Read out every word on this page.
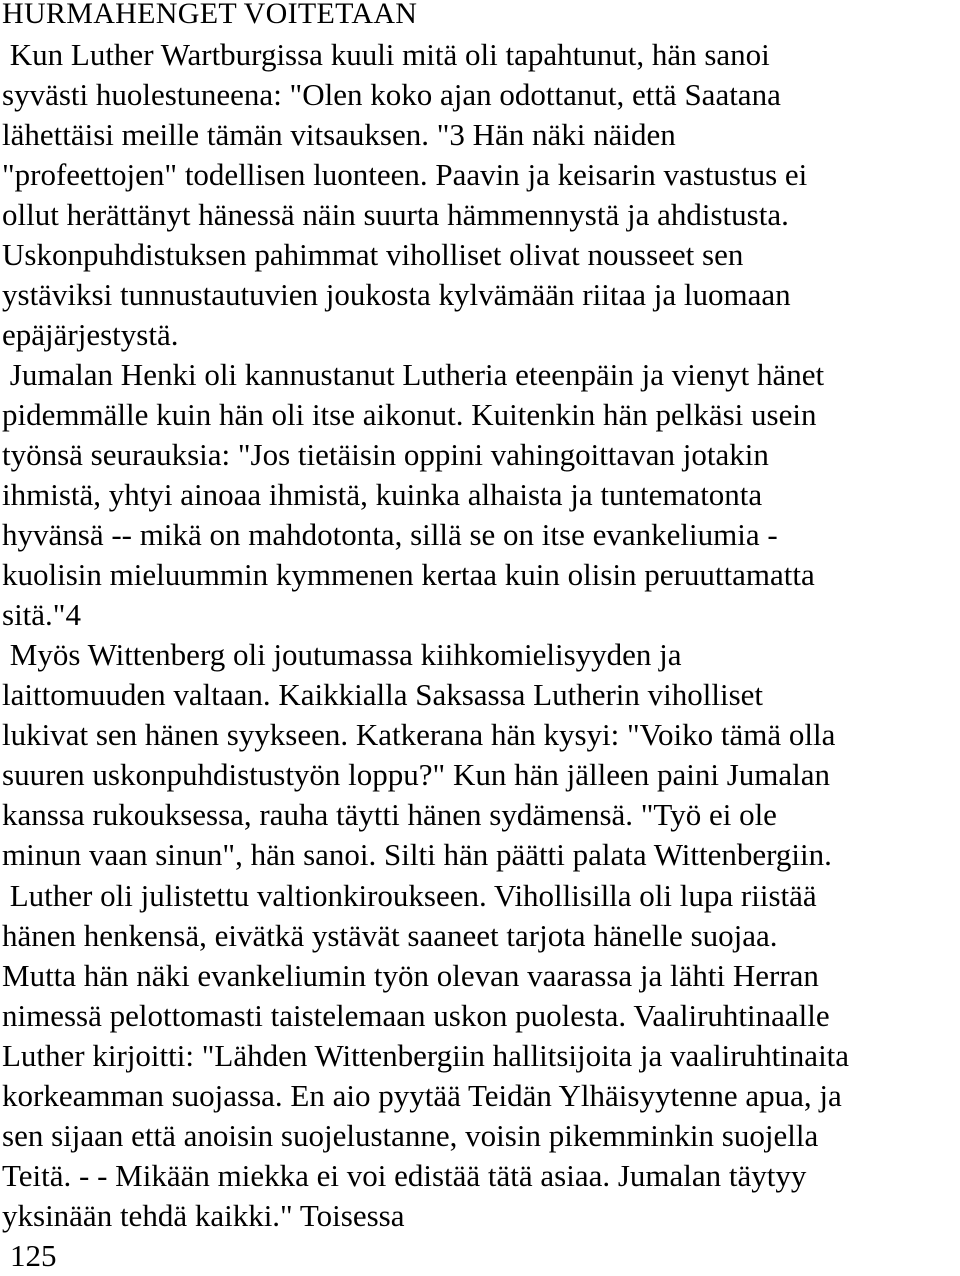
HURMAHENGET VOITETAAN
Kun Luther Wartburgissa kuuli mitä oli tapahtunut, hän sanoi
syvästi huolestuneena: "Olen koko ajan odottanut, että Saatana
lähettäisi meille tämän vitsauksen. "3 Hän näki näiden
"profeettojen" todellisen luonteen. Paavin ja keisarin vastustus ei
ollut herättänyt hänessä näin suurta hämmennystä ja ahdistusta.
Uskonpuhdistuksen pahimmat viholliset olivat nousseet sen
ystäviksi tunnustautuvien joukosta kylvämään riitaa ja luomaan
epäjärjestystä.
Jumalan Henki oli kannustanut Lutheria eteenpäin ja vienyt hänet
pidemmälle kuin hän oli itse aikonut. Kuitenkin hän pelkäsi usein
työnsä seurauksia: "Jos tietäisin oppini vahingoittavan jotakin
ihmistä, yhtyi ainoaa ihmistä, kuinka alhaista ja tuntematonta
hyvänsä -- mikä on mahdotonta, sillä se on itse evankeliumia -
kuolisin mieluummin kymmenen kertaa kuin olisin peruuttamatta
sitä."4
Myös Wittenberg oli joutumassa kiihkomielisyyden ja
laittomuuden valtaan. Kaikkialla Saksassa Lutherin viholliset
lukivat sen hänen syykseen. Katkerana hän kysyi: "Voiko tämä olla
suuren uskonpuhdistustyön loppu?" Kun hän jälleen paini Jumalan
kanssa rukouksessa, rauha täytti hänen sydämensä. "Työ ei ole
minun vaan sinun", hän sanoi. Silti hän päätti palata Wittenbergiin.
Luther oli julistettu valtionkiroukseen. Vihollisilla oli lupa riistää
hänen henkensä, eivätkä ystävät saaneet tarjota hänelle suojaa.
Mutta hän näki evankeliumin työn olevan vaarassa ja lähti Herran
nimessä pelottomasti taistelemaan uskon puolesta. Vaaliruhtinaalle
Luther kirjoitti: "Lähden Wittenbergiin hallitsijoita ja vaaliruhtinaita
korkeamman suojassa. En aio pyytää Teidän Ylhäisyytenne apua, ja
sen sijaan että anoisin suojelustanne, voisin pikemminkin suojella
Teitä. - - Mikään miekka ei voi edistää tätä asiaa. Jumalan täytyy
yksinään tehdä kaikki." Toisessa
125
